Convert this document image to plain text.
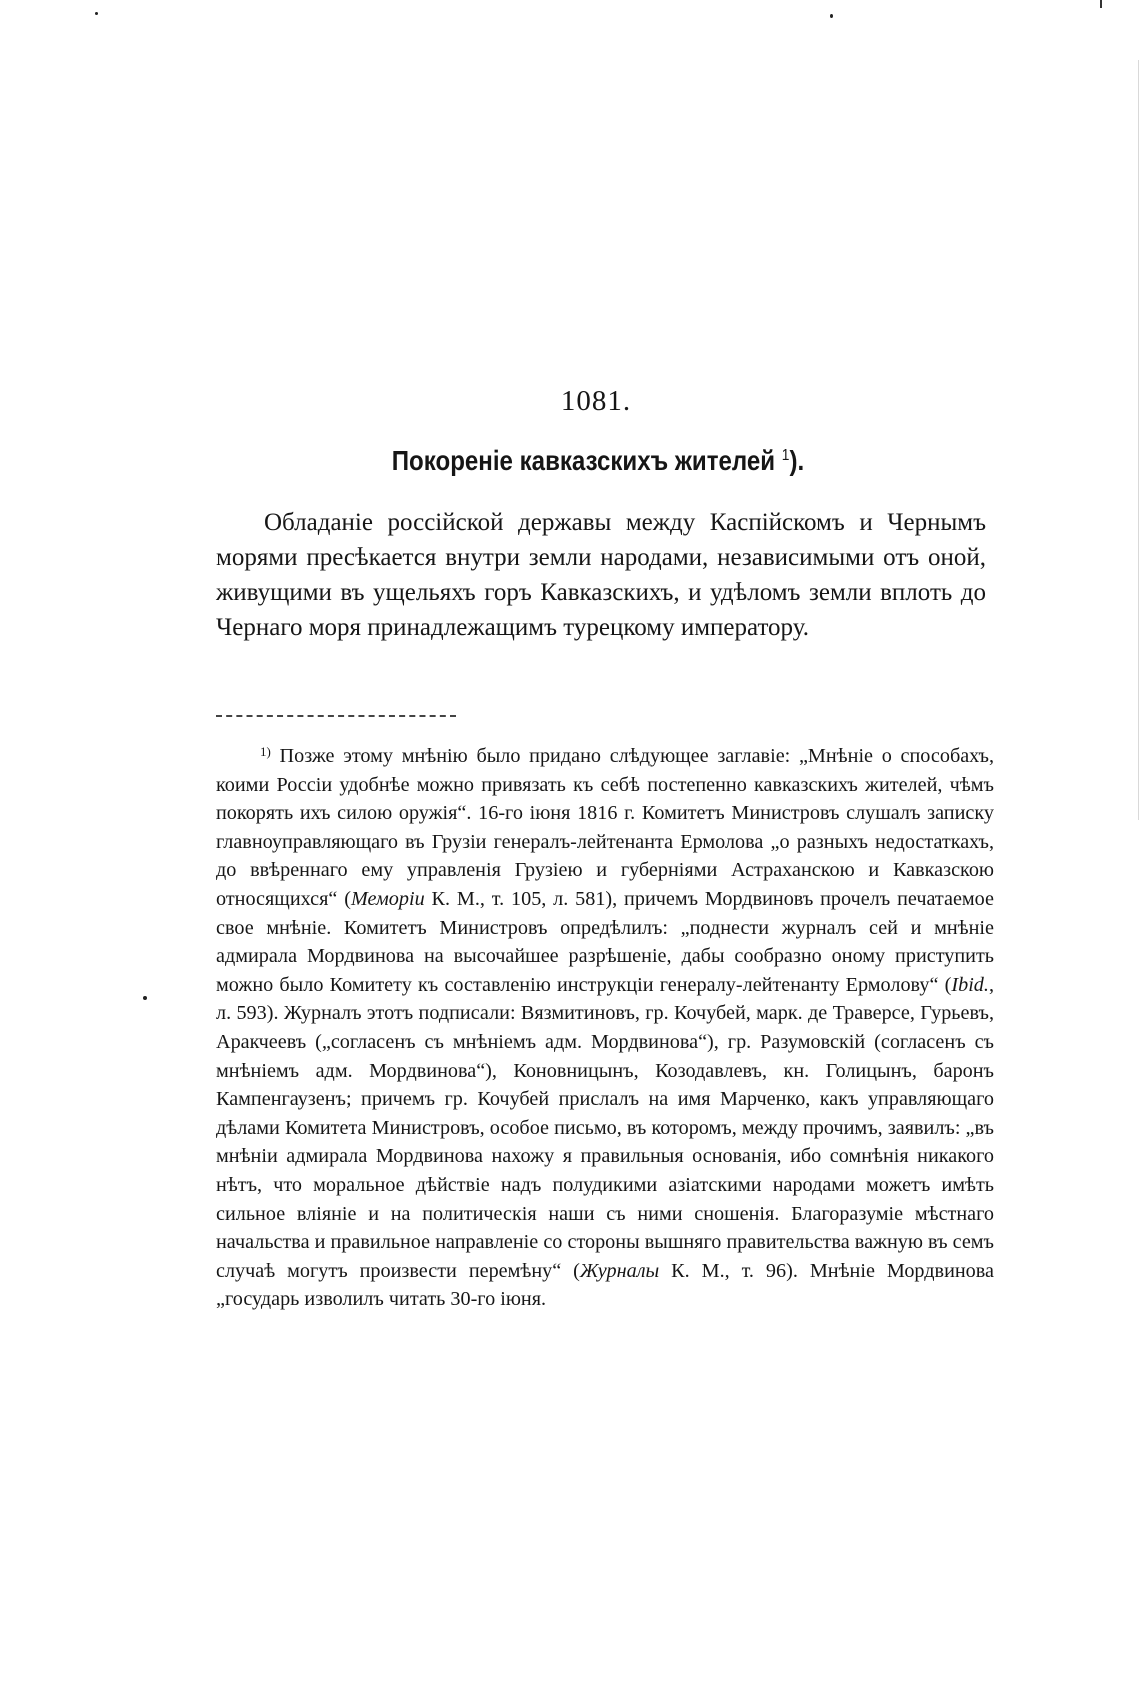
1081.
Покореніе кавказскихъ жителей $^1$).

Обладаніе россійской державы между Каспійскомъ и Чернымъ морями пресѣкается внутри земли народами, независимыми отъ оной, живущими въ ущельяхъ горъ Кавказскихъ, и удѣломъ земли вплоть до Чернаго моря принадлежащимъ турецкому императору.

$^{1)}$ Позже этому мнѣнію было придано слѣдующее заглавіе: „Мнѣніе о способахъ, коими Россіи удобнѣе можно привязать къ себѣ постепенно кавказскихъ жителей, чѣмъ покорять ихъ силою оружія“. 16-го іюня 1816 г. Комитетъ Министровъ слушалъ записку главноуправляющаго въ Грузіи генералъ-лейтенанта Ермолова „о разныхъ недостаткахъ, до ввѣреннаго ему управленія Грузіею и губерніями Астраханскою и Кавказскою относящихся“ (Меморіи К. М., т. 105, л. 581), причемъ Мордвиновъ прочелъ печатаемое свое мнѣніе. Комитетъ Министровъ опредѣлилъ: „поднести журналъ сей и мнѣніе адмирала Мордвинова на высочайшее разрѣшеніе, дабы сообразно оному приступить можно было Комитету къ составленію инструкціи генералу-лейтенанту Ермолову“ (Ibid., л. 593). Журналъ этотъ подписали: Вязмитиновъ, гр. Кочубей, марк. де Траверсе, Гурьевъ, Аракчеевъ („согласенъ съ мнѣніемъ адм. Мордвинова“), гр. Разумовскій (согласенъ съ мнѣніемъ адм. Мордвинова“), Коновницынъ, Козодавлевъ, кн. Голицынъ, баронъ Кампенгаузенъ; причемъ гр. Кочубей прислалъ на имя Марченко, какъ управляющаго дѣлами Комитета Министровъ, особое письмо, въ которомъ, между прочимъ, заявилъ: „въ мнѣніи адмирала Мордвинова нахожу я правильныя основанія, ибо сомнѣнія никакого нѣтъ, что моральное дѣйствіе надъ полудикими азіатскими народами можетъ имѣть сильное вліяніе и на политическія наши съ ними сношенія. Благоразуміе мѣстнаго начальства и правильное направленіе со стороны вышняго правительства важную въ семъ случаѣ могутъ произвести перемѣну“ (Журналы К. М., т. 96). Мнѣніе Мордвинова „государь изволилъ читать 30-го іюня.
